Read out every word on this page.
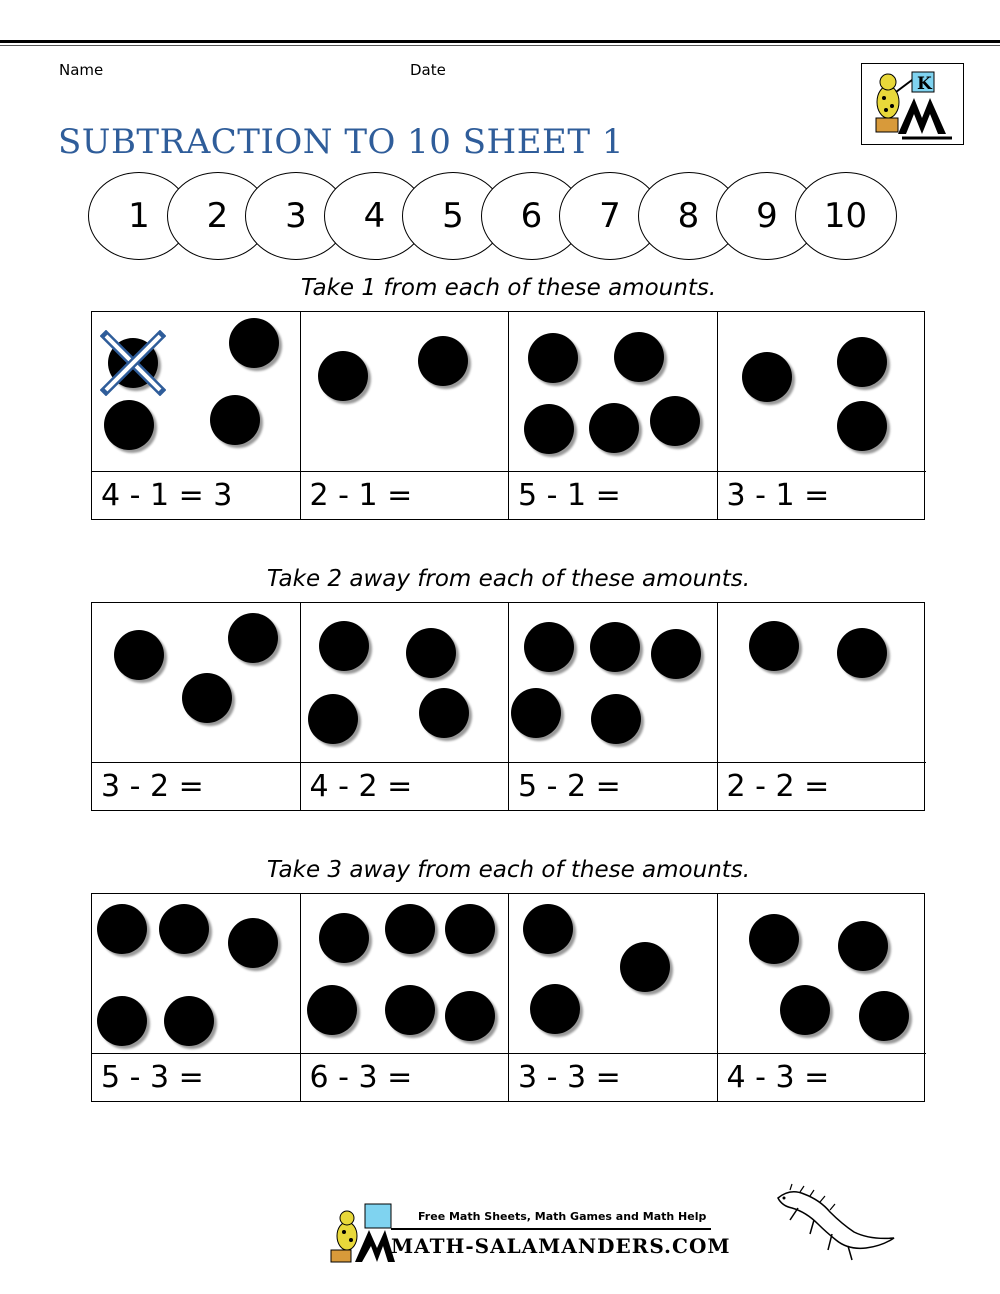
Name	Date
K
SUBTRACTION TO 10 SHEET 1
1	2	3	4	5	6	7	8	9	10
Take 1 from each of these amounts.
4 - 1 = 3	2 - 1 =	5 - 1 =	3 - 1 =
Take 2 away from each of these amounts.
3 - 2 =	4 - 2 =	5 - 2 =	2 - 2 =
Take 3 away from each of these amounts.
5 - 3 =	6 - 3 =	3 - 3 =	4 - 3 =
Free Math Sheets, Math Games and Math Help
MATH-SALAMANDERS.COM
